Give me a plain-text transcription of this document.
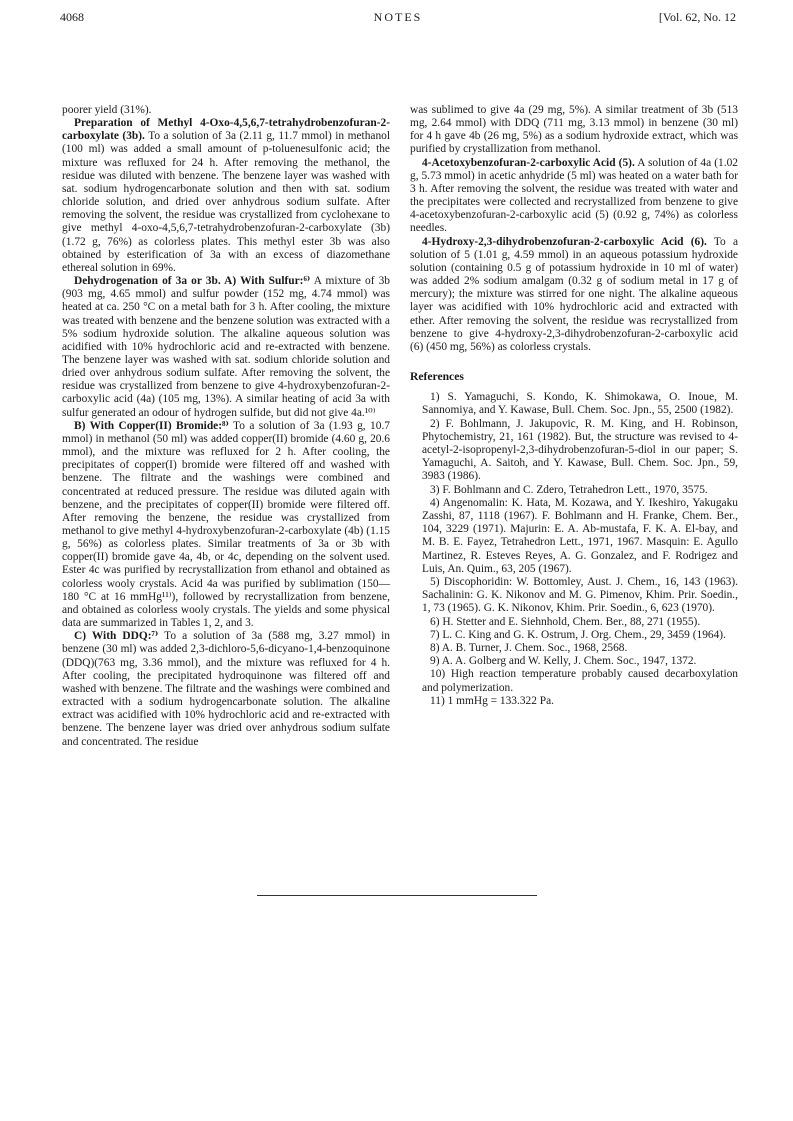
4068	NOTES	[Vol. 62, No. 12

poorer yield (31%).

Preparation of Methyl 4-Oxo-4,5,6,7-tetrahydrobenzofuran-2-carboxylate (3b). To a solution of 3a (2.11 g, 11.7 mmol) in methanol (100 ml) was added a small amount of p-toluenesulfonic acid; the mixture was refluxed for 24 h. After removing the methanol, the residue was diluted with benzene. The benzene layer was washed with sat. sodium hydrogencarbonate solution and then with sat. sodium chloride solution, and dried over anhydrous sodium sulfate. After removing the solvent, the residue was crystallized from cyclohexane to give methyl 4-oxo-4,5,6,7-tetrahydrobenzofuran-2-carboxylate (3b) (1.72 g, 76%) as colorless plates. This methyl ester 3b was also obtained by esterification of 3a with an excess of diazomethane ethereal solution in 69%.

Dehydrogenation of 3a or 3b. A) With Sulfur:⁶⁾ A mixture of 3b (903 mg, 4.65 mmol) and sulfur powder (152 mg, 4.74 mmol) was heated at ca. 250 °C on a metal bath for 3 h. After cooling, the mixture was treated with benzene and the benzene solution was extracted with a 5% sodium hydroxide solution. The alkaline aqueous solution was acidified with 10% hydrochloric acid and re-extracted with benzene. The benzene layer was washed with sat. sodium chloride solution and dried over anhydrous sodium sulfate. After removing the solvent, the residue was crystallized from benzene to give 4-hydroxybenzofuran-2-carboxylic acid (4a) (105 mg, 13%). A similar heating of acid 3a with sulfur generated an odour of hydrogen sulfide, but did not give 4a.¹⁰⁾

B) With Copper(II) Bromide:⁸⁾ To a solution of 3a (1.93 g, 10.7 mmol) in methanol (50 ml) was added copper(II) bromide (4.60 g, 20.6 mmol), and the mixture was refluxed for 2 h. After cooling, the precipitates of copper(I) bromide were filtered off and washed with benzene. The filtrate and the washings were combined and concentrated at reduced pressure. The residue was diluted again with benzene, and the precipitates of copper(II) bromide were filtered off. After removing the benzene, the residue was crystallized from methanol to give methyl 4-hydroxybenzofuran-2-carboxylate (4b) (1.15 g, 56%) as colorless plates. Similar treatments of 3a or 3b with copper(II) bromide gave 4a, 4b, or 4c, depending on the solvent used. Ester 4c was purified by recrystallization from ethanol and obtained as colorless wooly crystals. Acid 4a was purified by sublimation (150—180 °C at 16 mmHg¹¹⁾), followed by recrystallization from benzene, and obtained as colorless wooly crystals. The yields and some physical data are summarized in Tables 1, 2, and 3.

C) With DDQ:⁷⁾ To a solution of 3a (588 mg, 3.27 mmol) in benzene (30 ml) was added 2,3-dichloro-5,6-dicyano-1,4-benzoquinone (DDQ)(763 mg, 3.36 mmol), and the mixture was refluxed for 4 h. After cooling, the precipitated hydroquinone was filtered off and washed with benzene. The filtrate and the washings were combined and extracted with a sodium hydrogencarbonate solution. The alkaline extract was acidified with 10% hydrochloric acid and re-extracted with benzene. The benzene layer was dried over anhydrous sodium sulfate and concentrated. The residue

was sublimed to give 4a (29 mg, 5%). A similar treatment of 3b (513 mg, 2.64 mmol) with DDQ (711 mg, 3.13 mmol) in benzene (30 ml) for 4 h gave 4b (26 mg, 5%) as a sodium hydroxide extract, which was purified by crystallization from methanol.

4-Acetoxybenzofuran-2-carboxylic Acid (5). A solution of 4a (1.02 g, 5.73 mmol) in acetic anhydride (5 ml) was heated on a water bath for 3 h. After removing the solvent, the residue was treated with water and the precipitates were collected and recrystallized from benzene to give 4-acetoxybenzofuran-2-carboxylic acid (5) (0.92 g, 74%) as colorless needles.

4-Hydroxy-2,3-dihydrobenzofuran-2-carboxylic Acid (6). To a solution of 5 (1.01 g, 4.59 mmol) in an aqueous potassium hydroxide solution (containing 0.5 g of potassium hydroxide in 10 ml of water) was added 2% sodium amalgam (0.32 g of sodium metal in 17 g of mercury); the mixture was stirred for one night. The alkaline aqueous layer was acidified with 10% hydrochloric acid and extracted with ether. After removing the solvent, the residue was recrystallized from benzene to give 4-hydroxy-2,3-dihydrobenzofuran-2-carboxylic acid (6) (450 mg, 56%) as colorless crystals.

References

1) S. Yamaguchi, S. Kondo, K. Shimokawa, O. Inoue, M. Sannomiya, and Y. Kawase, Bull. Chem. Soc. Jpn., 55, 2500 (1982).

2) F. Bohlmann, J. Jakupovic, R. M. King, and H. Robinson, Phytochemistry, 21, 161 (1982). But, the structure was revised to 4-acetyl-2-isopropenyl-2,3-dihydrobenzofuran-5-diol in our paper; S. Yamaguchi, A. Saitoh, and Y. Kawase, Bull. Chem. Soc. Jpn., 59, 3983 (1986).

3) F. Bohlmann and C. Zdero, Tetrahedron Lett., 1970, 3575.

4) Angenomalin: K. Hata, M. Kozawa, and Y. Ikeshiro, Yakugaku Zasshi, 87, 1118 (1967). F. Bohlmann and H. Franke, Chem. Ber., 104, 3229 (1971). Majurin: E. A. Ab-mustafa, F. K. A. El-bay, and M. B. E. Fayez, Tetrahedron Lett., 1971, 1967. Masquin: E. Agullo Martinez, R. Esteves Reyes, A. G. Gonzalez, and F. Rodrigez and Luis, An. Quim., 63, 205 (1967).

5) Discophoridin: W. Bottomley, Aust. J. Chem., 16, 143 (1963). Sachalinin: G. K. Nikonov and M. G. Pimenov, Khim. Prir. Soedin., 1, 73 (1965). G. K. Nikonov, Khim. Prir. Soedin., 6, 623 (1970).

6) H. Stetter and E. Siehnhold, Chem. Ber., 88, 271 (1955).

7) L. C. King and G. K. Ostrum, J. Org. Chem., 29, 3459 (1964).

8) A. B. Turner, J. Chem. Soc., 1968, 2568.

9) A. A. Golberg and W. Kelly, J. Chem. Soc., 1947, 1372.

10) High reaction temperature probably caused decarboxylation and polymerization.

11) 1 mmHg = 133.322 Pa.
